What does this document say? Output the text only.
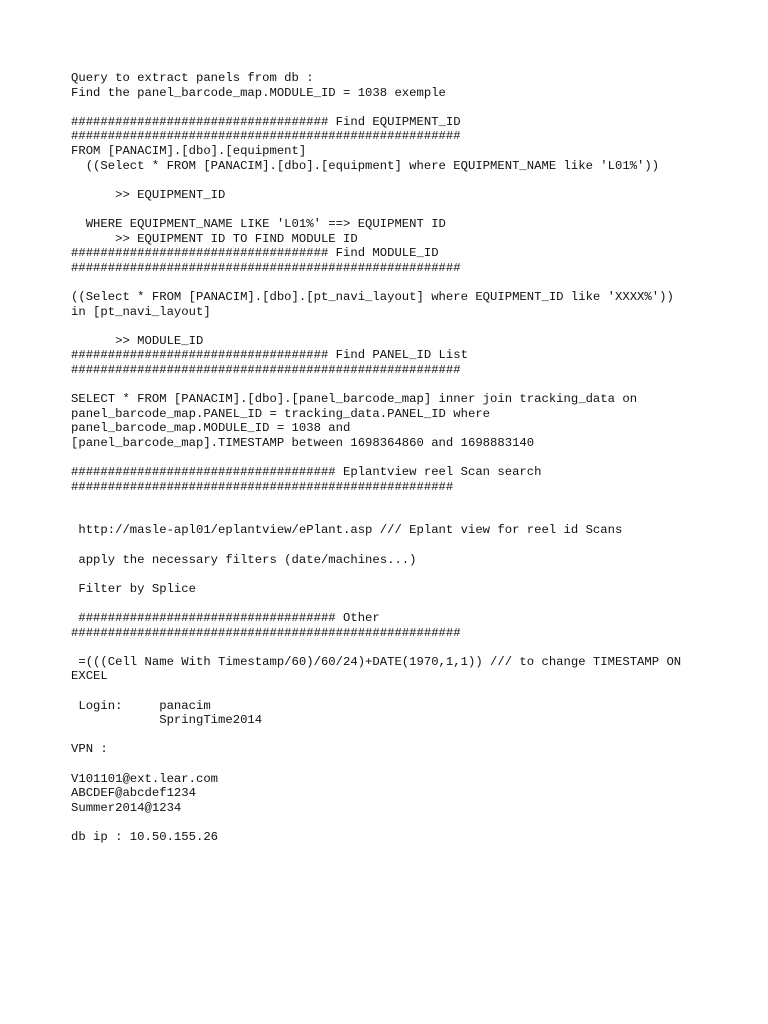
Query to extract panels from db :
Find the panel_barcode_map.MODULE_ID = 1038 exemple
################################### Find EQUIPMENT_ID
#####################################################
FROM [PANACIM].[dbo].[equipment]
((Select * FROM [PANACIM].[dbo].[equipment] where EQUIPMENT_NAME like 'L01%'))
>> EQUIPMENT_ID
WHERE EQUIPMENT_NAME LIKE 'L01%' ==> EQUIPMENT ID
>> EQUIPMENT ID TO FIND MODULE ID
################################### Find MODULE_ID
#####################################################
((Select * FROM [PANACIM].[dbo].[pt_navi_layout] where EQUIPMENT_ID like 'XXXX%'))
in [pt_navi_layout]
>> MODULE_ID
################################### Find PANEL_ID List
#####################################################
SELECT * FROM [PANACIM].[dbo].[panel_barcode_map] inner join tracking_data on
panel_barcode_map.PANEL_ID = tracking_data.PANEL_ID where
panel_barcode_map.MODULE_ID = 1038 and
[panel_barcode_map].TIMESTAMP between 1698364860 and 1698883140
#################################### Eplantview reel Scan search
####################################################
http://masle-apl01/eplantview/ePlant.asp /// Eplant view for reel id Scans
apply the necessary filters (date/machines...)
Filter by Splice
################################### Other
#####################################################
=(((Cell Name With Timestamp/60)/60/24)+DATE(1970,1,1)) /// to change TIMESTAMP ON
EXCEL
Login:     panacim
SpringTime2014
VPN :
V101101@ext.lear.com
ABCDEF@abcdef1234
Summer2014@1234
db ip : 10.50.155.26
